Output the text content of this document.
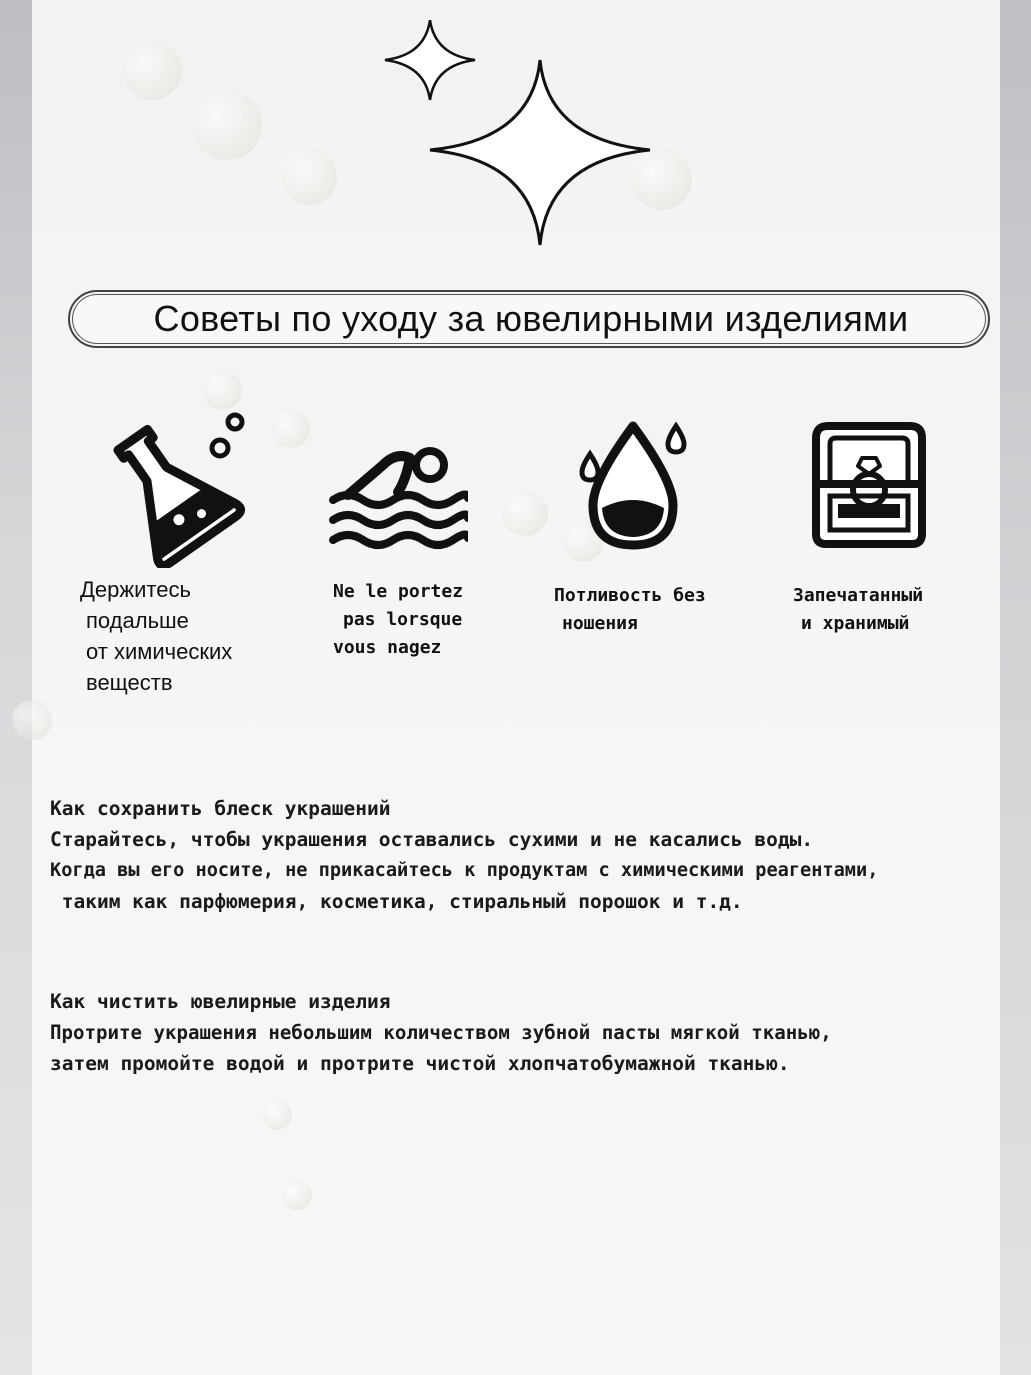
Советы по уходу за ювелирными изделиями
Держитесь
подальше
от химических
веществ
Ne le portez
pas lorsque
vous nagez
Потливость без
ношения
Запечатанный
и хранимый
Как сохранить блеск украшений
Старайтесь, чтобы украшения оставались сухими и не касались воды.
Когда вы его носите, не прикасайтесь к продуктам с химическими реагентами,
таким как парфюмерия, косметика, стиральный порошок и т.д.
Как чистить ювелирные изделия
Протрите украшения небольшим количеством зубной пасты мягкой тканью,
затем промойте водой и протрите чистой хлопчатобумажной тканью.
